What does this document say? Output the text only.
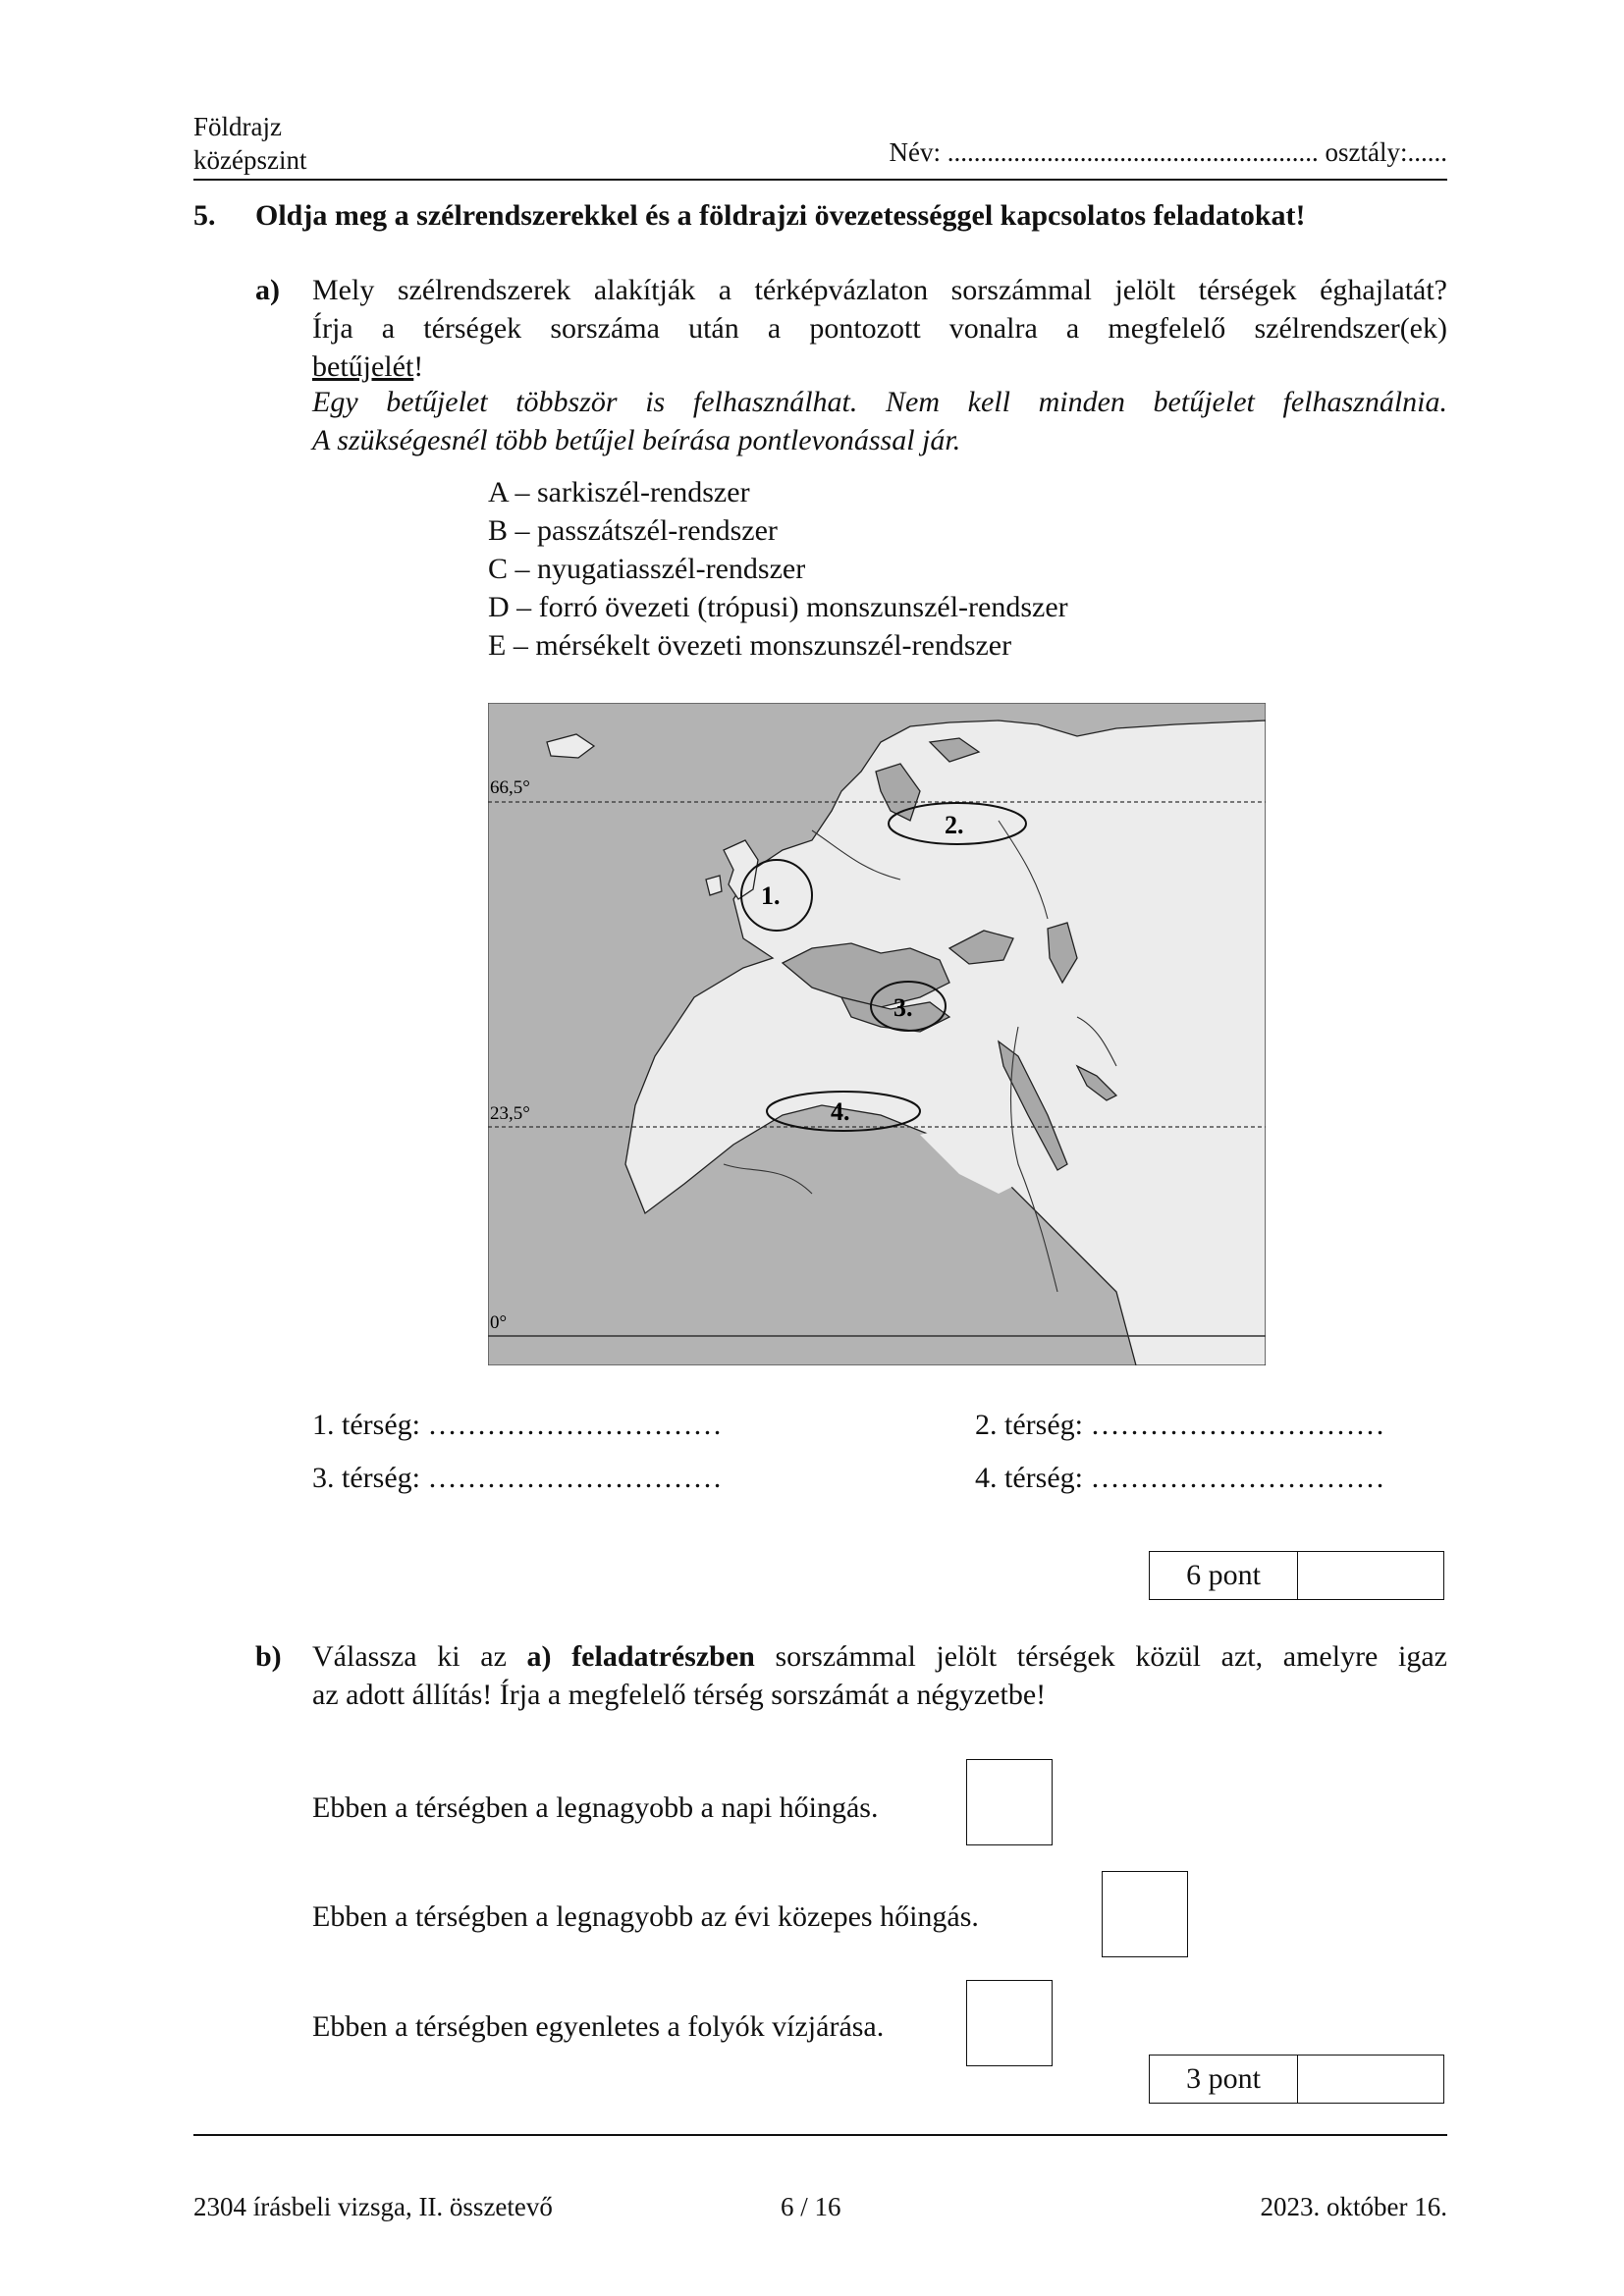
Földrajz
középszint	Név: ........................................................ osztály:......
5. Oldja meg a szélrendszerekkel és a földrajzi övezetességgel kapcsolatos feladatokat!
a) Mely szélrendszerek alakítják a térképvázlaton sorszámmal jelölt térségek éghajlatát?
Írja a térségek sorszáma után a pontozott vonalra a megfelelő szélrendszer(ek)
betűjelét!
Egy betűjelet többször is felhasználhat. Nem kell minden betűjelet felhasználnia.
A szükségesnél több betűjel beírása pontlevonással jár.
A – sarkiszél-rendszer
B – passzátszél-rendszer
C – nyugatiasszél-rendszer
D – forró övezeti (trópusi) monszunszél-rendszer
E – mérsékelt övezeti monszunszél-rendszer
66,5°
23,5°
0°
1.
2.
3.
4.
1. térség: …………………………	2. térség: …………………………
3. térség: …………………………	4. térség: …………………………
6 pont
b) Válassza ki az a) feladatrészben sorszámmal jelölt térségek közül azt, amelyre igaz
az adott állítás! Írja a megfelelő térség sorszámát a négyzetbe!
Ebben a térségben a legnagyobb a napi hőingás.
Ebben a térségben a legnagyobb az évi közepes hőingás.
Ebben a térségben egyenletes a folyók vízjárása.
3 pont
2304 írásbeli vizsga, II. összetevő	6 / 16	2023. október 16.
